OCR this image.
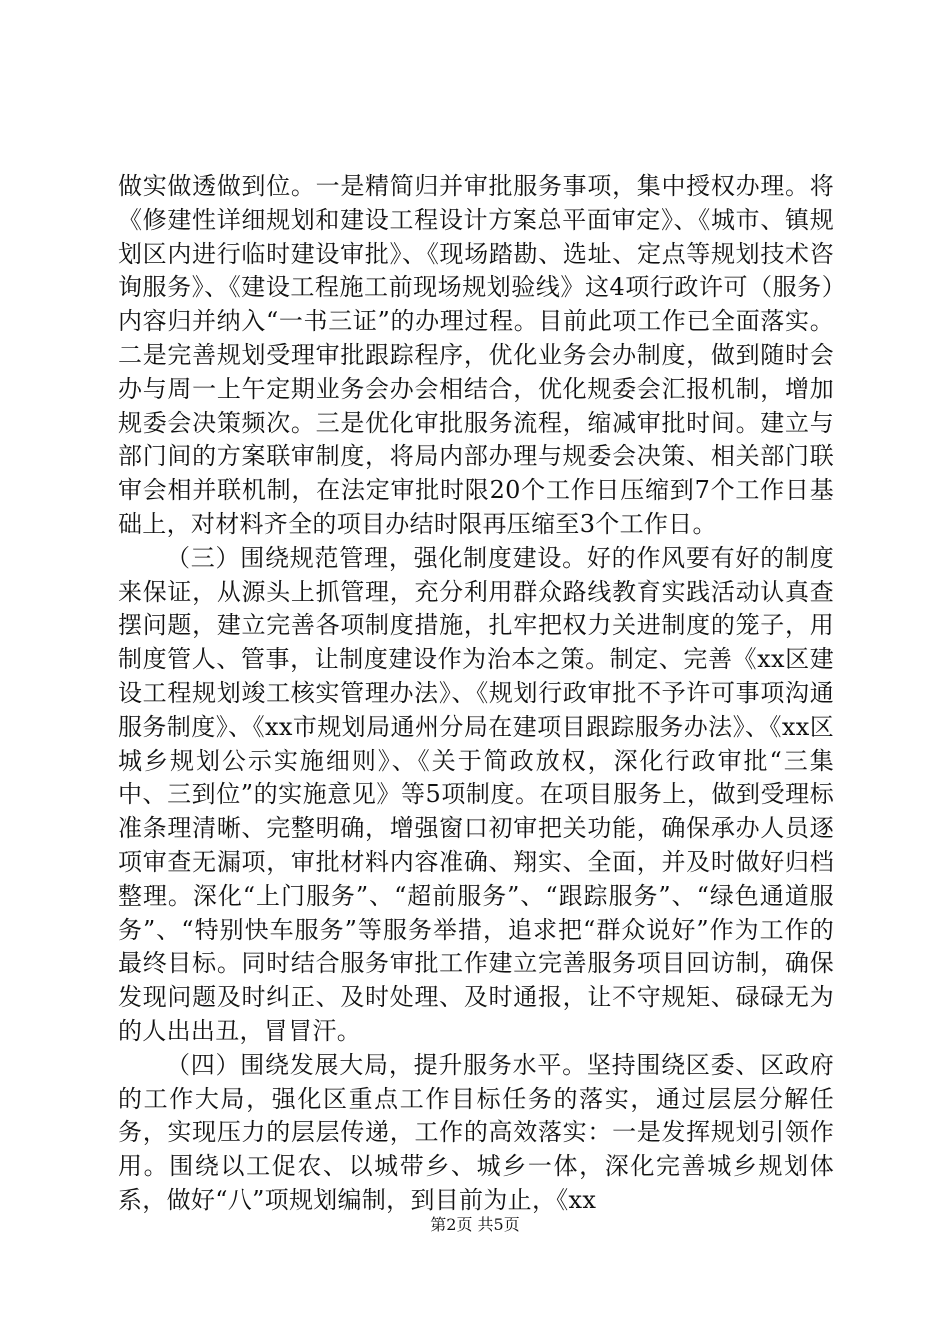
做实做透做到位。一是精简归并审批服务事项，集中授权办理。将《修建性详细规划和建设工程设计方案总平面审定》、《城市、镇规划区内进行临时建设审批》、《现场踏勘、选址、定点等规划技术咨询服务》、《建设工程施工前现场规划验线》这4项行政许可（服务）内容归并纳入“一书三证”的办理过程。目前此项工作已全面落实。二是完善规划受理审批跟踪程序，优化业务会办制度，做到随时会办与周一上午定期业务会办会相结合，优化规委会汇报机制，增加规委会决策频次。三是优化审批服务流程，缩减审批时间。建立与部门间的方案联审制度，将局内部办理与规委会决策、相关部门联审会相并联机制，在法定审批时限20个工作日压缩到7个工作日基础上，对材料齐全的项目办结时限再压缩至3个工作日。

（三）围绕规范管理，强化制度建设。好的作风要有好的制度来保证，从源头上抓管理，充分利用群众路线教育实践活动认真查摆问题，建立完善各项制度措施，扎牢把权力关进制度的笼子，用制度管人、管事，让制度建设作为治本之策。制定、完善《xx区建设工程规划竣工核实管理办法》、《规划行政审批不予许可事项沟通服务制度》、《xx市规划局通州分局在建项目跟踪服务办法》、《xx区城乡规划公示实施细则》、《关于简政放权，深化行政审批“三集中、三到位”的实施意见》等5项制度。在项目服务上，做到受理标准条理清晰、完整明确，增强窗口初审把关功能，确保承办人员逐项审查无漏项，审批材料内容准确、翔实、全面，并及时做好归档整理。深化“上门服务”、“超前服务”、“跟踪服务”、“绿色通道服务”、“特别快车服务”等服务举措，追求把“群众说好”作为工作的最终目标。同时结合服务审批工作建立完善服务项目回访制，确保发现问题及时纠正、及时处理、及时通报，让不守规矩、碌碌无为的人出出丑，冒冒汗。

（四）围绕发展大局，提升服务水平。坚持围绕区委、区政府的工作大局，强化区重点工作目标任务的落实，通过层层分解任务，实现压力的层层传递，工作的高效落实：一是发挥规划引领作用。围绕以工促农、以城带乡、城乡一体，深化完善城乡规划体系，做好“八”项规划编制，到目前为止，《xx

第2页 共5页
